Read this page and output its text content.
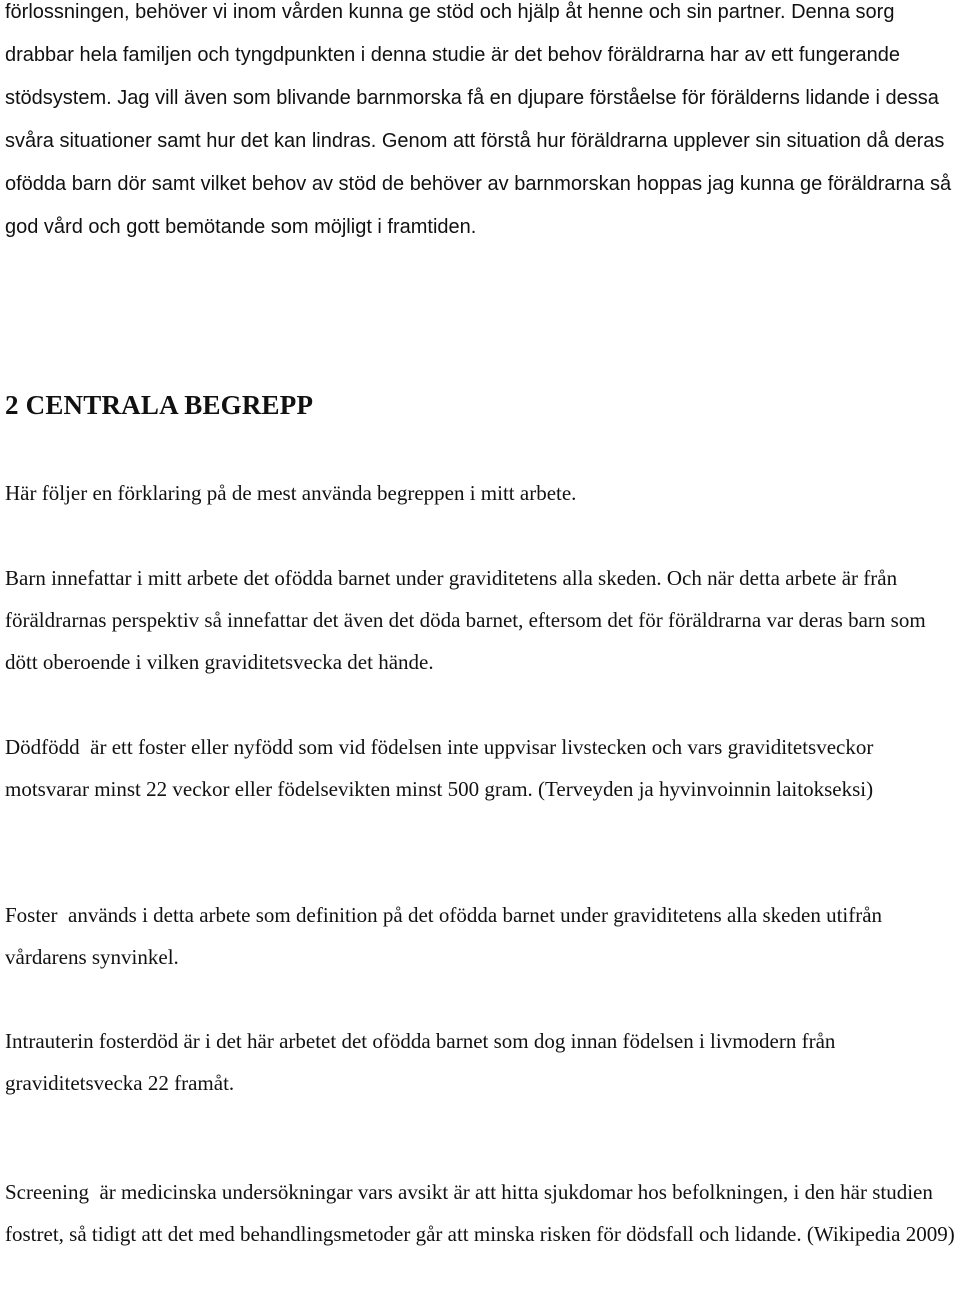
förlossningen, behöver vi inom vården kunna ge stöd och hjälp åt henne och sin partner. Denna sorg drabbar hela familjen och tyngdpunkten i denna studie är det behov föräldrarna har av ett fungerande stödsystem. Jag vill även som blivande barnmorska få en djupare förståelse för förälderns lidande i dessa svåra situationer samt hur det kan lindras. Genom att förstå hur föräldrarna upplever sin situation då deras ofödda barn dör samt vilket behov av stöd de behöver av barnmorskan hoppas jag kunna ge föräldrarna så god vård och gott bemötande som möjligt i framtiden.

2 CENTRALA BEGREPP

Här följer en förklaring på de mest använda begreppen i mitt arbete.

Barn innefattar i mitt arbete det ofödda barnet under graviditetens alla skeden. Och när detta arbete är från föräldrarnas perspektiv så innefattar det även det döda barnet, eftersom det för föräldrarna var deras barn som dött oberoende i vilken graviditetsvecka det hände.

Dödfödd  är ett foster eller nyfödd som vid födelsen inte uppvisar livstecken och vars graviditetsveckor motsvarar minst 22 veckor eller födelsevikten minst 500 gram. (Terveyden ja hyvinvoinnin laitokseksi)

Foster  används i detta arbete som definition på det ofödda barnet under graviditetens alla skeden utifrån vårdarens synvinkel.

Intrauterin fosterdöd är i det här arbetet det ofödda barnet som dog innan födelsen i livmodern från graviditetsvecka 22 framåt.

Screening  är medicinska undersökningar vars avsikt är att hitta sjukdomar hos befolkningen, i den här studien fostret, så tidigt att det med behandlingsmetoder går att minska risken för dödsfall och lidande. (Wikipedia 2009)
